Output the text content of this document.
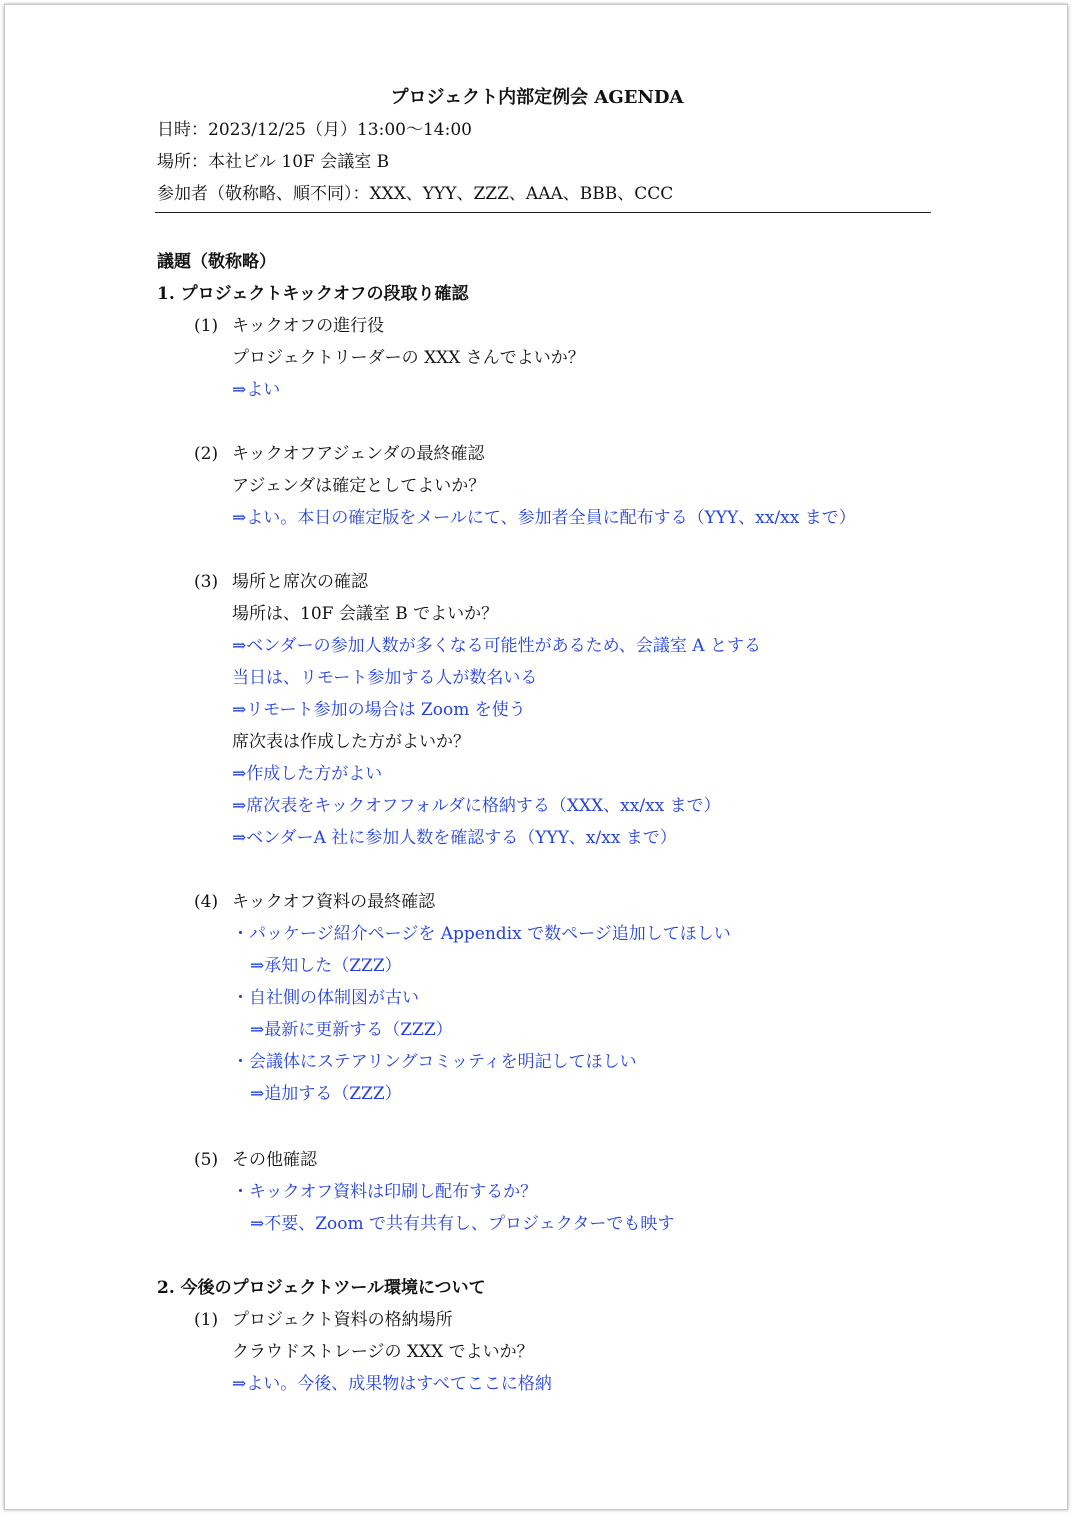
プロジェクト内部定例会 AGENDA
日時：2023/12/25（月）13:00～14:00
場所：本社ビル 10F 会議室 B
参加者（敬称略、順不同）：XXX、YYY、ZZZ、AAA、BBB、CCC
議題（敬称略）
1. プロジェクトキックオフの段取り確認
(1) キックオフの進行役
プロジェクトリーダーの XXX さんでよいか？
⇒よい
(2) キックオフアジェンダの最終確認
アジェンダは確定としてよいか？
⇒よい。本日の確定版をメールにて、参加者全員に配布する（YYY、xx/xx まで）
(3) 場所と席次の確認
場所は、10F 会議室 B でよいか？
⇒ベンダーの参加人数が多くなる可能性があるため、会議室 A とする
当日は、リモート参加する人が数名いる
⇒リモート参加の場合は Zoom を使う
席次表は作成した方がよいか？
⇒作成した方がよい
⇒席次表をキックオフフォルダに格納する（XXX、xx/xx まで）
⇒ベンダーA 社に参加人数を確認する（YYY、x/xx まで）
(4) キックオフ資料の最終確認
・パッケージ紹介ページを Appendix で数ページ追加してほしい
⇒承知した（ZZZ）
・自社側の体制図が古い
⇒最新に更新する（ZZZ）
・会議体にステアリングコミッティを明記してほしい
⇒追加する（ZZZ）
(5) その他確認
・キックオフ資料は印刷し配布するか？
⇒不要、Zoom で共有共有し、プロジェクターでも映す
2. 今後のプロジェクトツール環境について
(1) プロジェクト資料の格納場所
クラウドストレージの XXX でよいか？
⇒よい。今後、成果物はすべてここに格納
